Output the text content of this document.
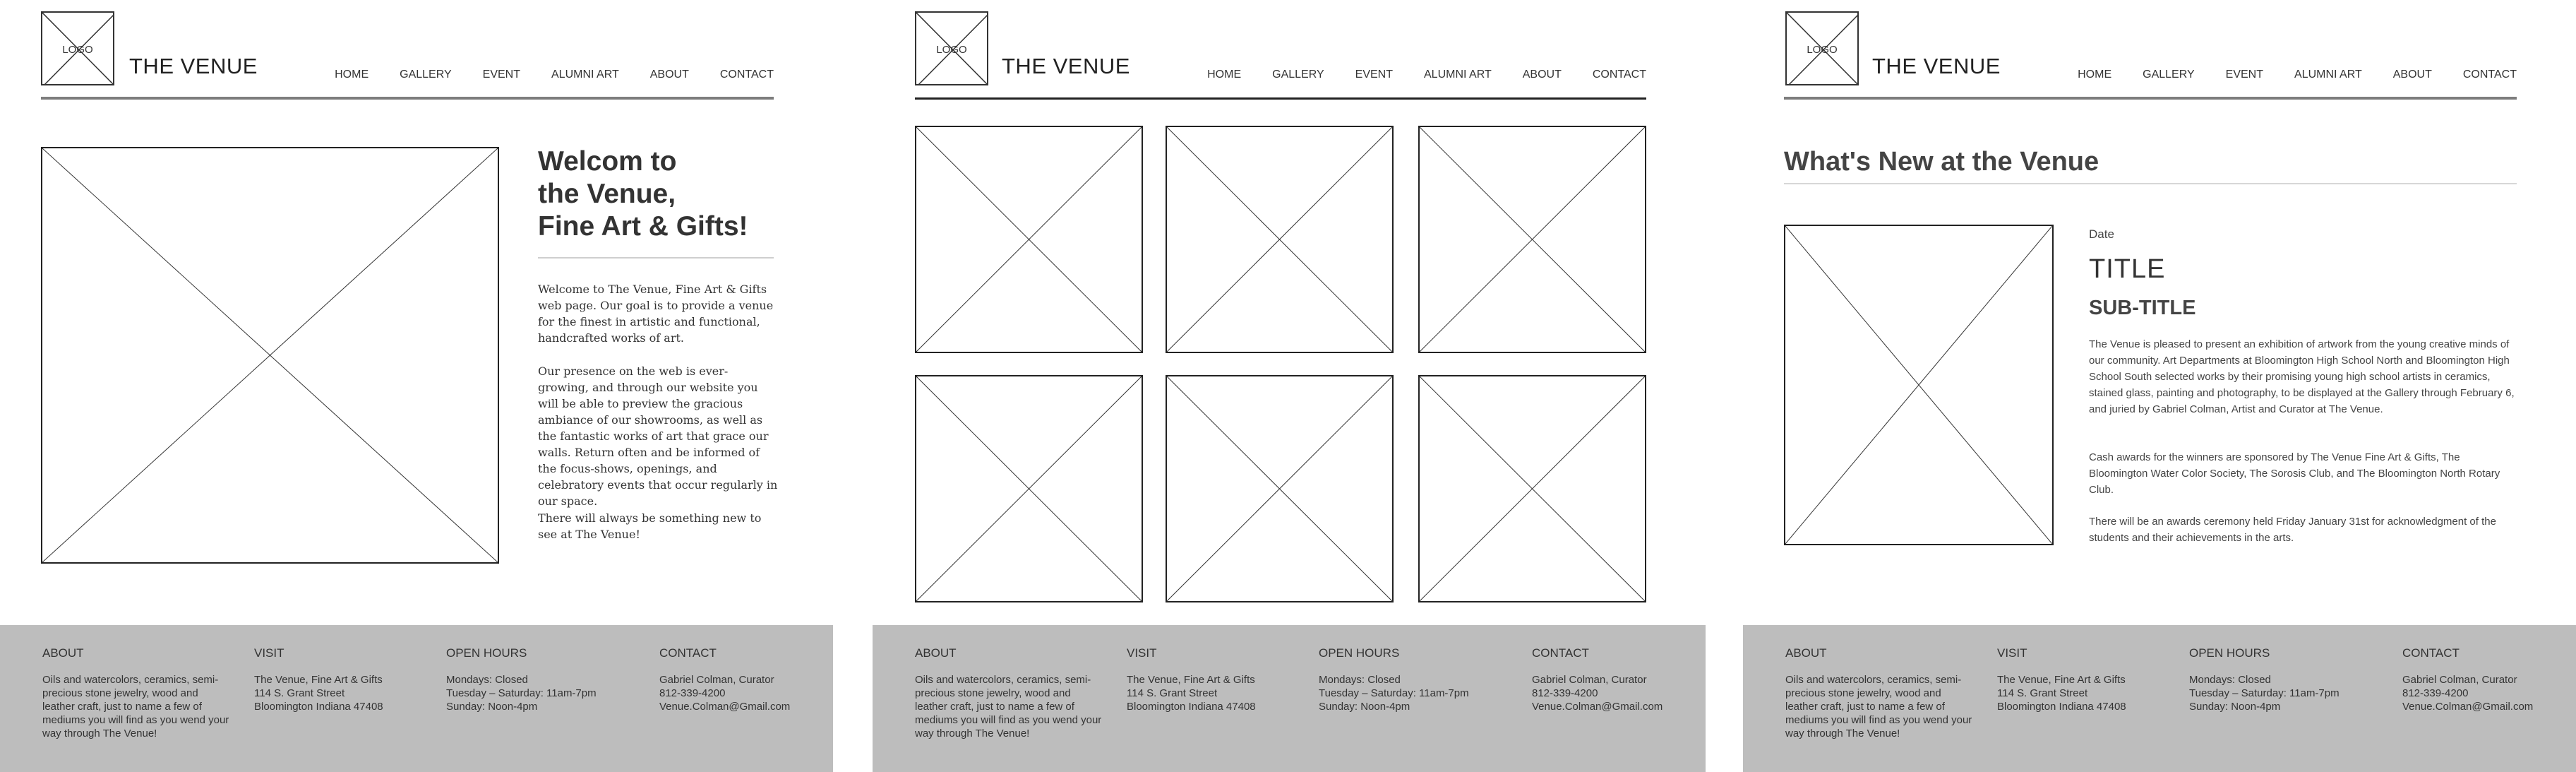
LOGO
THE VENUE	HOME	GALLERY	EVENT	ALUMNI ART	ABOUT	CONTACT
Welcom to
the Venue,
Fine Art & Gifts!
Welcome to The Venue, Fine Art & Gifts web page. Our goal is to provide a venue for the finest in artistic and functional, handcrafted works of art.
Our presence on the web is ever-growing, and through our website you will be able to preview the gracious ambiance of our showrooms, as well as the fantastic works of art that grace our walls. Return often and be informed of the focus-shows, openings, and celebratory events that occur regularly in our space.
There will always be something new to see at The Venue!
ABOUT
Oils and watercolors, ceramics, semi-
precious stone jewelry, wood and
leather craft, just to name a few of
mediums you will find as you wend your
way through The Venue!
VISIT
The Venue, Fine Art & Gifts
114 S. Grant Street
Bloomington Indiana 47408
OPEN HOURS
Mondays: Closed
Tuesday – Saturday: 11am-7pm
Sunday: Noon-4pm
CONTACT
Gabriel Colman, Curator
812-339-4200
Venue.Colman@Gmail.com
LOGO
THE VENUE	HOME	GALLERY	EVENT	ALUMNI ART	ABOUT	CONTACT
ABOUT
Oils and watercolors, ceramics, semi-
precious stone jewelry, wood and
leather craft, just to name a few of
mediums you will find as you wend your
way through The Venue!
VISIT
The Venue, Fine Art & Gifts
114 S. Grant Street
Bloomington Indiana 47408
OPEN HOURS
Mondays: Closed
Tuesday – Saturday: 11am-7pm
Sunday: Noon-4pm
CONTACT
Gabriel Colman, Curator
812-339-4200
Venue.Colman@Gmail.com
LOGO
THE VENUE	HOME	GALLERY	EVENT	ALUMNI ART	ABOUT	CONTACT
What's New at the Venue
Date
TITLE
SUB-TITLE
The Venue is pleased to present an exhibition of artwork from the young creative minds of our community. Art Departments at Bloomington High School North and Bloomington High School South selected works by their promising young high school artists in ceramics, stained glass, painting and photography, to be displayed at the Gallery through February 6, and juried by Gabriel Colman, Artist and Curator at The Venue.
Cash awards for the winners are sponsored by The Venue Fine Art & Gifts, The Bloomington Water Color Society, The Sorosis Club, and The Bloomington North Rotary Club.
There will be an awards ceremony held Friday January 31st for acknowledgment of the students and their achievements in the arts.
ABOUT
Oils and watercolors, ceramics, semi-
precious stone jewelry, wood and
leather craft, just to name a few of
mediums you will find as you wend your
way through The Venue!
VISIT
The Venue, Fine Art & Gifts
114 S. Grant Street
Bloomington Indiana 47408
OPEN HOURS
Mondays: Closed
Tuesday – Saturday: 11am-7pm
Sunday: Noon-4pm
CONTACT
Gabriel Colman, Curator
812-339-4200
Venue.Colman@Gmail.com
